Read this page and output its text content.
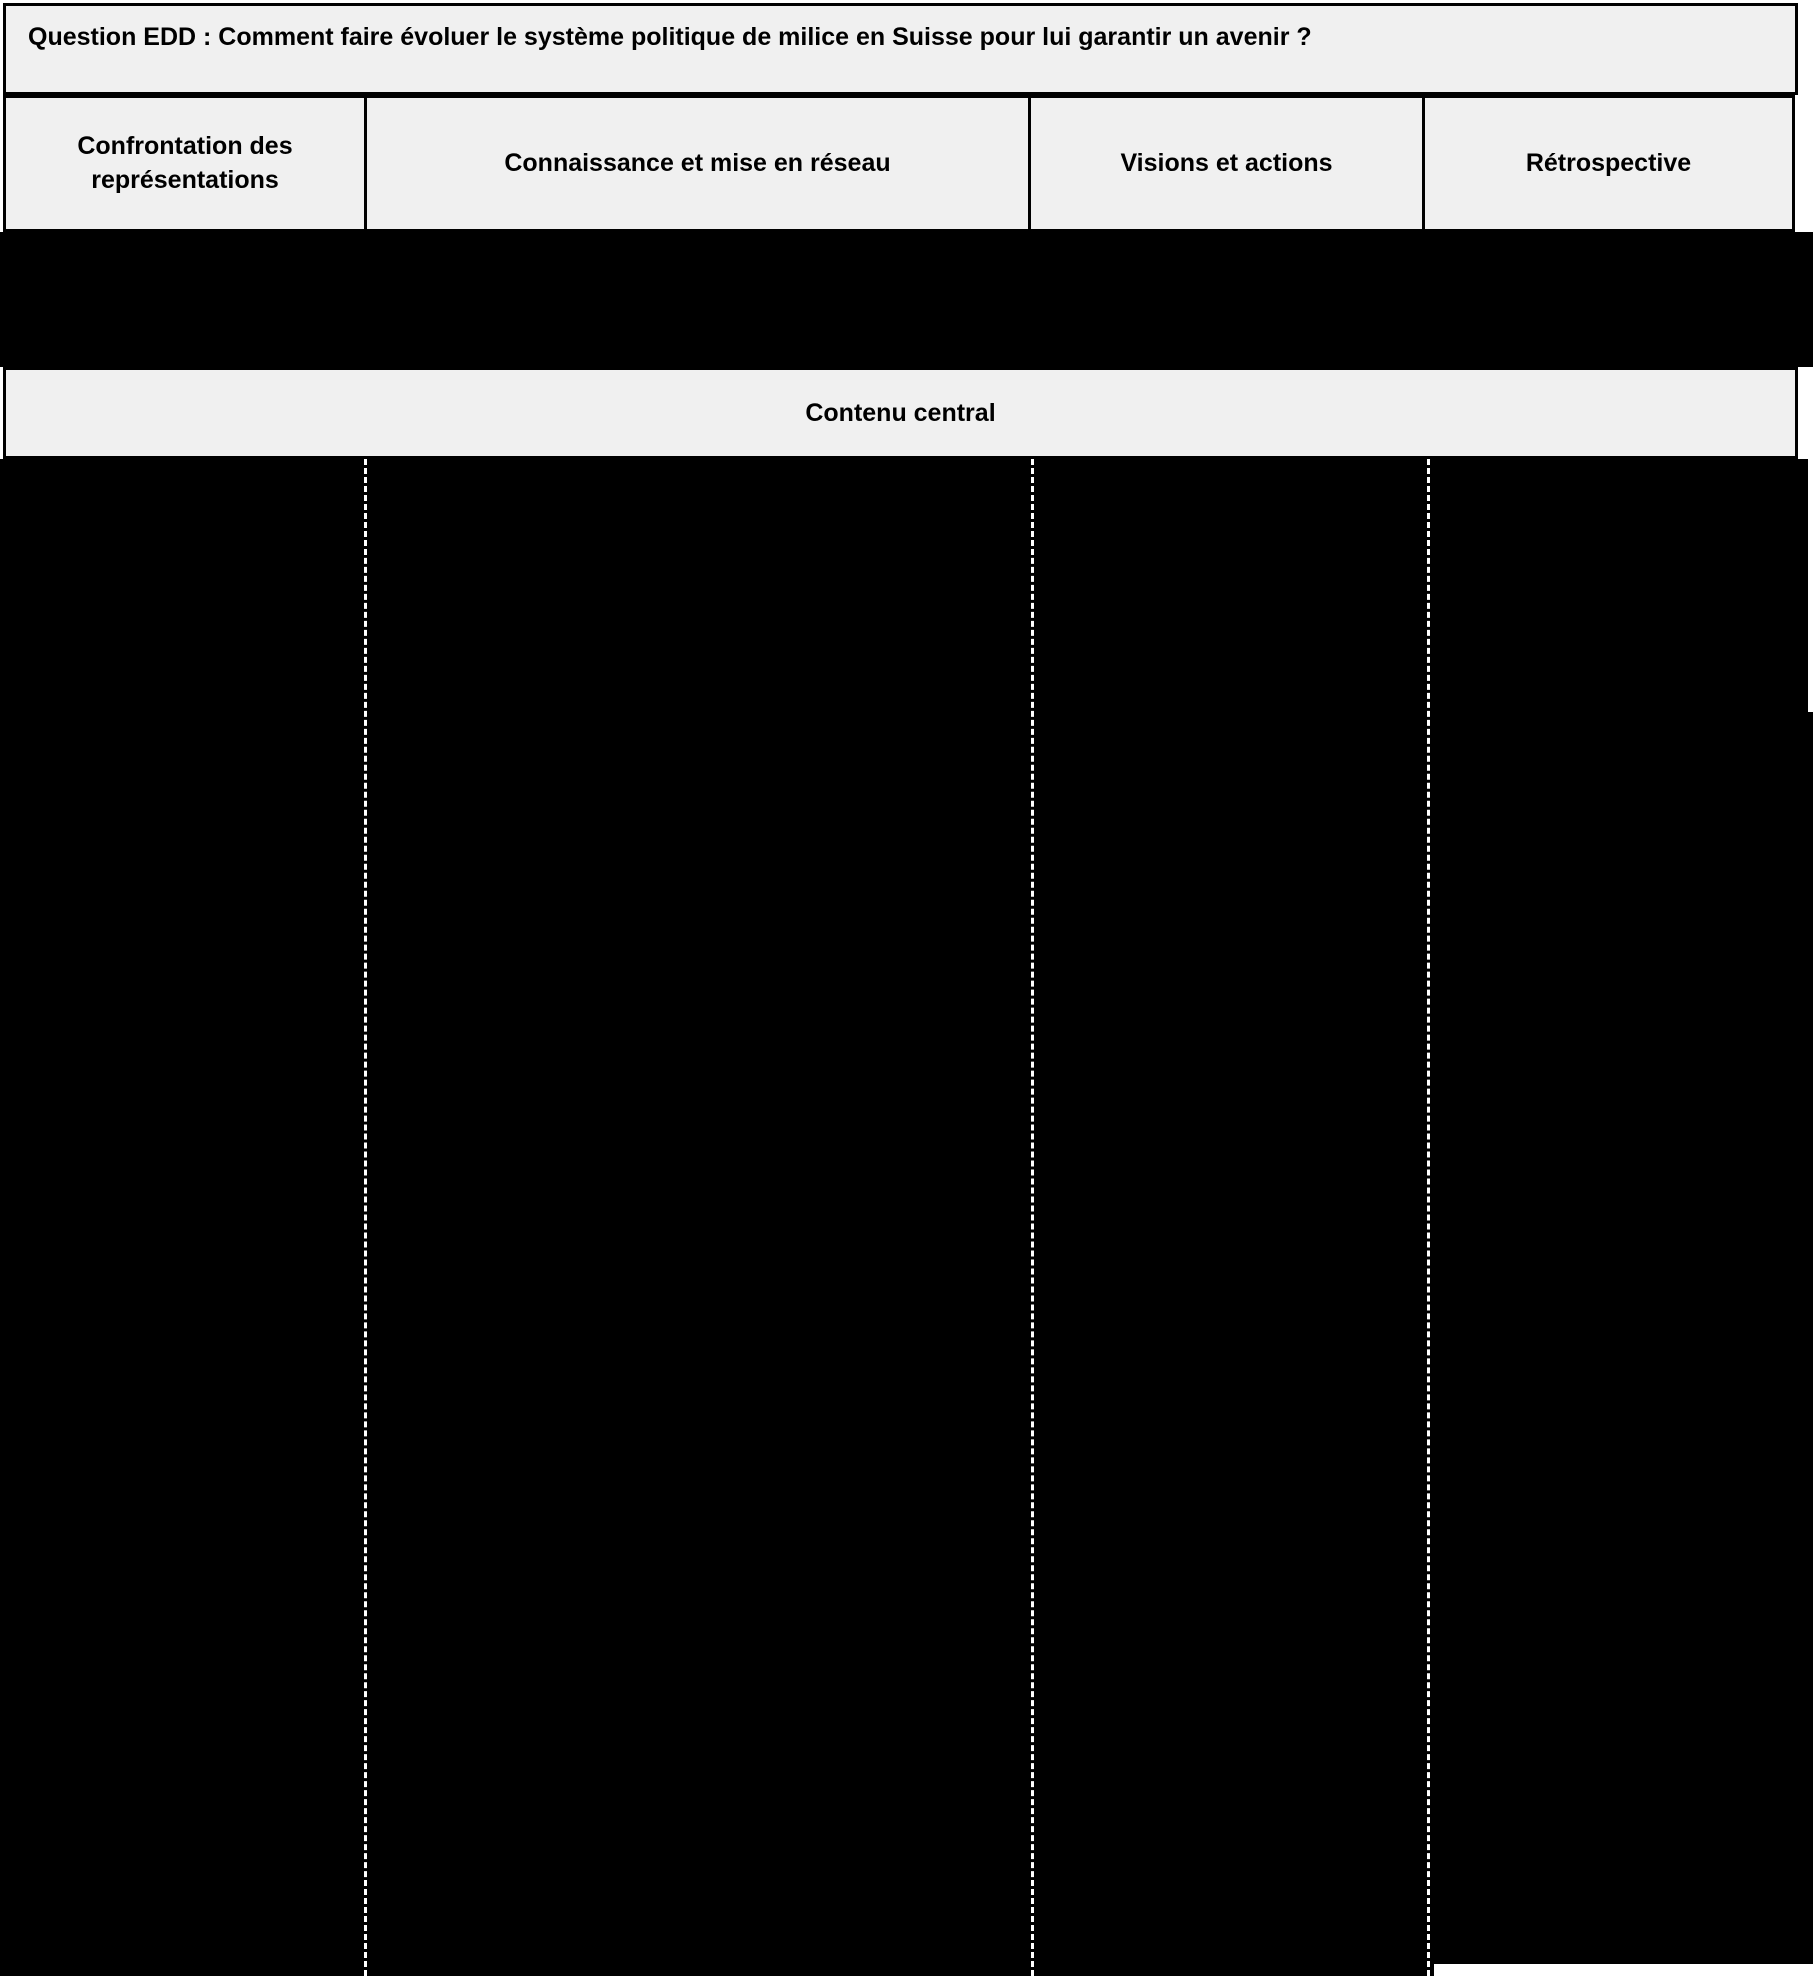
Question EDD : Comment faire évoluer le système politique de milice en Suisse pour lui garantir un avenir ?
Confrontation des représentations
Connaissance et mise en réseau	Visions et actions	Rétrospective
Contenu central
